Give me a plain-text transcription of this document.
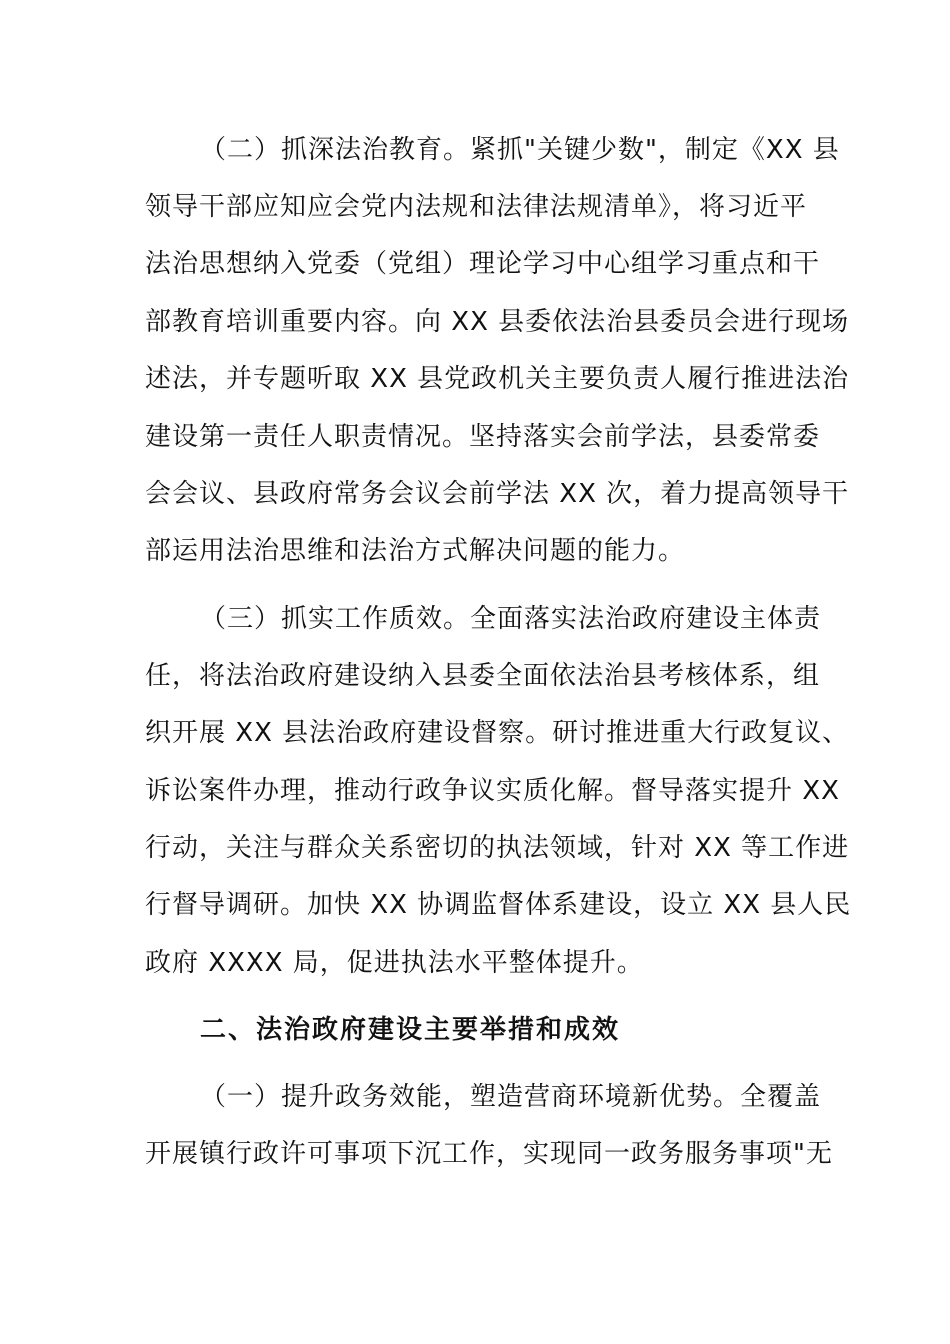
（二）抓深法治教育。紧抓"关键少数"，制定《XX 县
领导干部应知应会党内法规和法律法规清单》，将习近平
法治思想纳入党委（党组）理论学习中心组学习重点和干
部教育培训重要内容。向 XX 县委依法治县委员会进行现场
述法，并专题听取 XX 县党政机关主要负责人履行推进法治
建设第一责任人职责情况。坚持落实会前学法，县委常委
会会议、县政府常务会议会前学法 XX 次，着力提高领导干
部运用法治思维和法治方式解决问题的能力。
（三）抓实工作质效。全面落实法治政府建设主体责
任，将法治政府建设纳入县委全面依法治县考核体系，组
织开展 XX 县法治政府建设督察。研讨推进重大行政复议、
诉讼案件办理，推动行政争议实质化解。督导落实提升 XX
行动，关注与群众关系密切的执法领域，针对 XX 等工作进
行督导调研。加快 XX 协调监督体系建设，设立 XX 县人民
政府 XXXX 局，促进执法水平整体提升。
二、法治政府建设主要举措和成效
（一）提升政务效能，塑造营商环境新优势。全覆盖
开展镇行政许可事项下沉工作，实现同一政务服务事项"无
